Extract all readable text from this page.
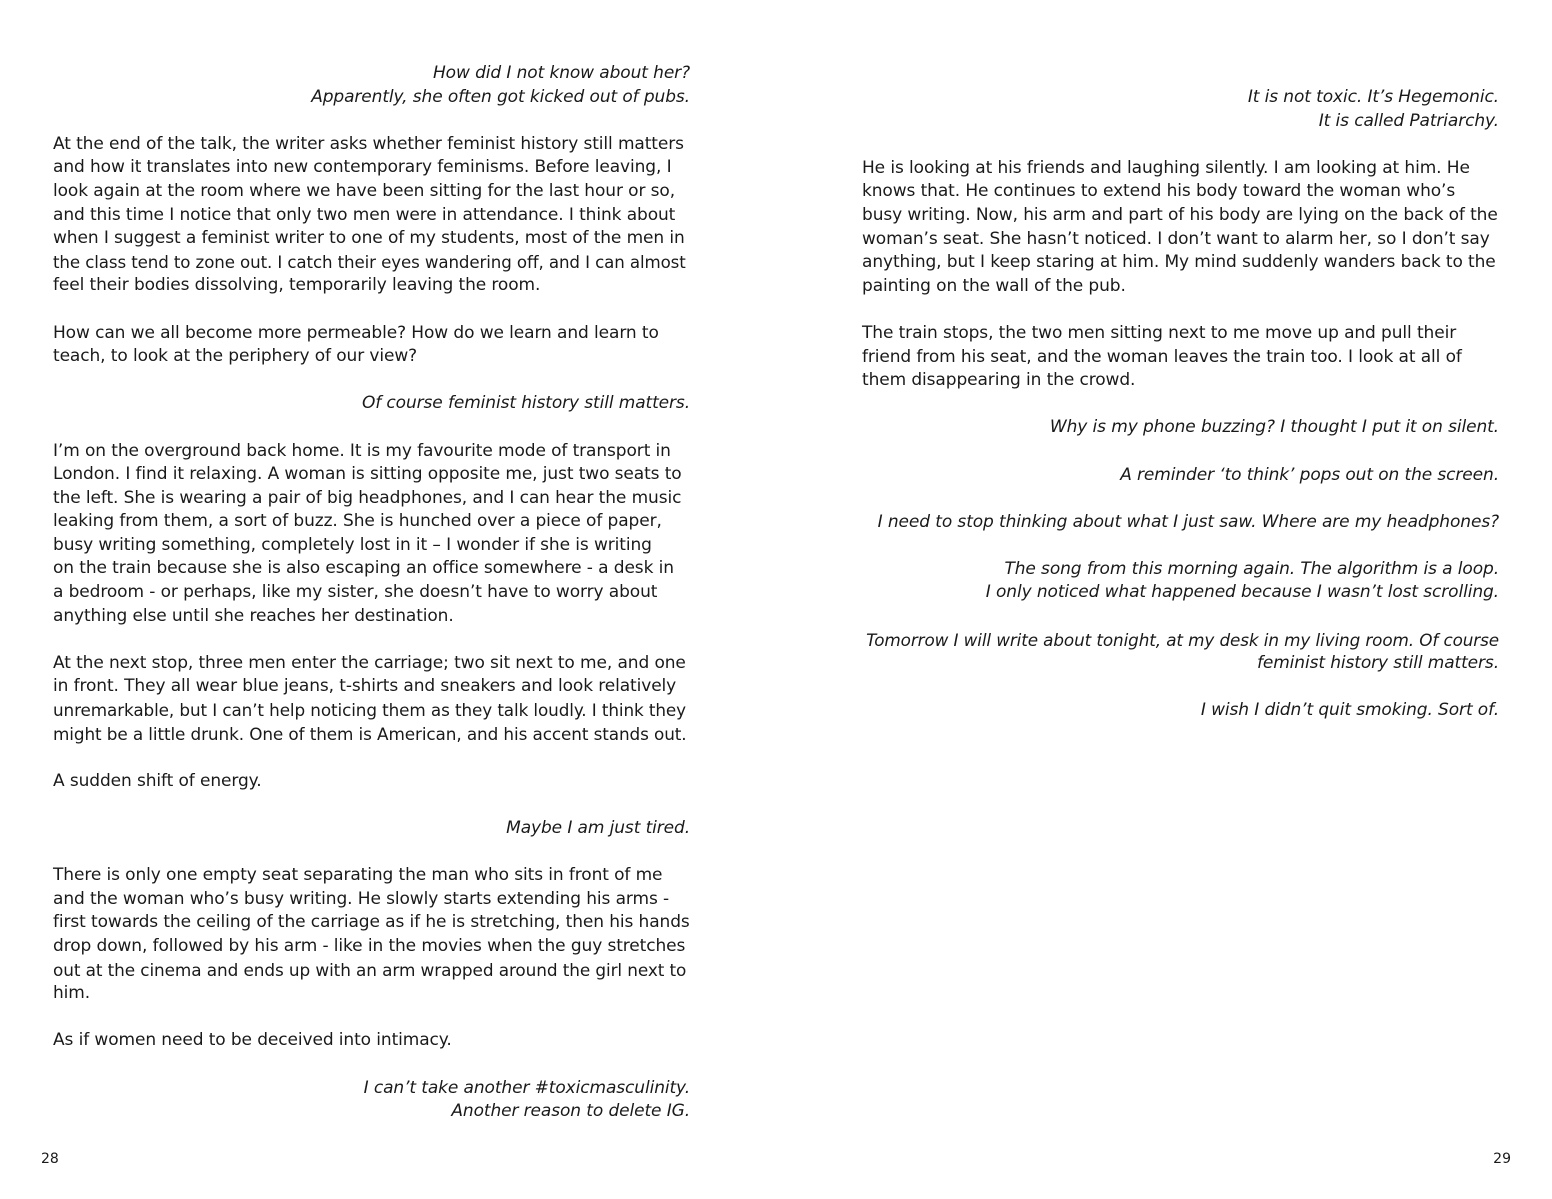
How did I not know about her?
Apparently, she often got kicked out of pubs.

At the end of the talk, the writer asks whether feminist history still matters
and how it translates into new contemporary feminisms. Before leaving, I
look again at the room where we have been sitting for the last hour or so,
and this time I notice that only two men were in attendance. I think about
when I suggest a feminist writer to one of my students, most of the men in
the class tend to zone out. I catch their eyes wandering off, and I can almost
feel their bodies dissolving, temporarily leaving the room.

How can we all become more permeable? How do we learn and learn to
teach, to look at the periphery of our view?

Of course feminist history still matters.

I’m on the overground back home. It is my favourite mode of transport in
London. I find it relaxing. A woman is sitting opposite me, just two seats to
the left. She is wearing a pair of big headphones, and I can hear the music
leaking from them, a sort of buzz. She is hunched over a piece of paper,
busy writing something, completely lost in it – I wonder if she is writing
on the train because she is also escaping an office somewhere - a desk in
a bedroom - or perhaps, like my sister, she doesn’t have to worry about
anything else until she reaches her destination.

At the next stop, three men enter the carriage; two sit next to me, and one
in front. They all wear blue jeans, t-shirts and sneakers and look relatively
unremarkable, but I can’t help noticing them as they talk loudly. I think they
might be a little drunk. One of them is American, and his accent stands out.

A sudden shift of energy.

Maybe I am just tired.

There is only one empty seat separating the man who sits in front of me
and the woman who’s busy writing. He slowly starts extending his arms -
first towards the ceiling of the carriage as if he is stretching, then his hands
drop down, followed by his arm - like in the movies when the guy stretches
out at the cinema and ends up with an arm wrapped around the girl next to
him.

As if women need to be deceived into intimacy.

I can’t take another #toxicmasculinity.
Another reason to delete IG.

28

It is not toxic. It’s Hegemonic.
It is called Patriarchy.

He is looking at his friends and laughing silently. I am looking at him. He
knows that. He continues to extend his body toward the woman who’s
busy writing. Now, his arm and part of his body are lying on the back of the
woman’s seat. She hasn’t noticed. I don’t want to alarm her, so I don’t say
anything, but I keep staring at him. My mind suddenly wanders back to the
painting on the wall of the pub.

The train stops, the two men sitting next to me move up and pull their
friend from his seat, and the woman leaves the train too. I look at all of
them disappearing in the crowd.

Why is my phone buzzing? I thought I put it on silent.

A reminder ‘to think’ pops out on the screen.

I need to stop thinking about what I just saw. Where are my headphones?

The song from this morning again. The algorithm is a loop.
I only noticed what happened because I wasn’t lost scrolling.

Tomorrow I will write about tonight, at my desk in my living room. Of course
feminist history still matters.

I wish I didn’t quit smoking. Sort of.

29
